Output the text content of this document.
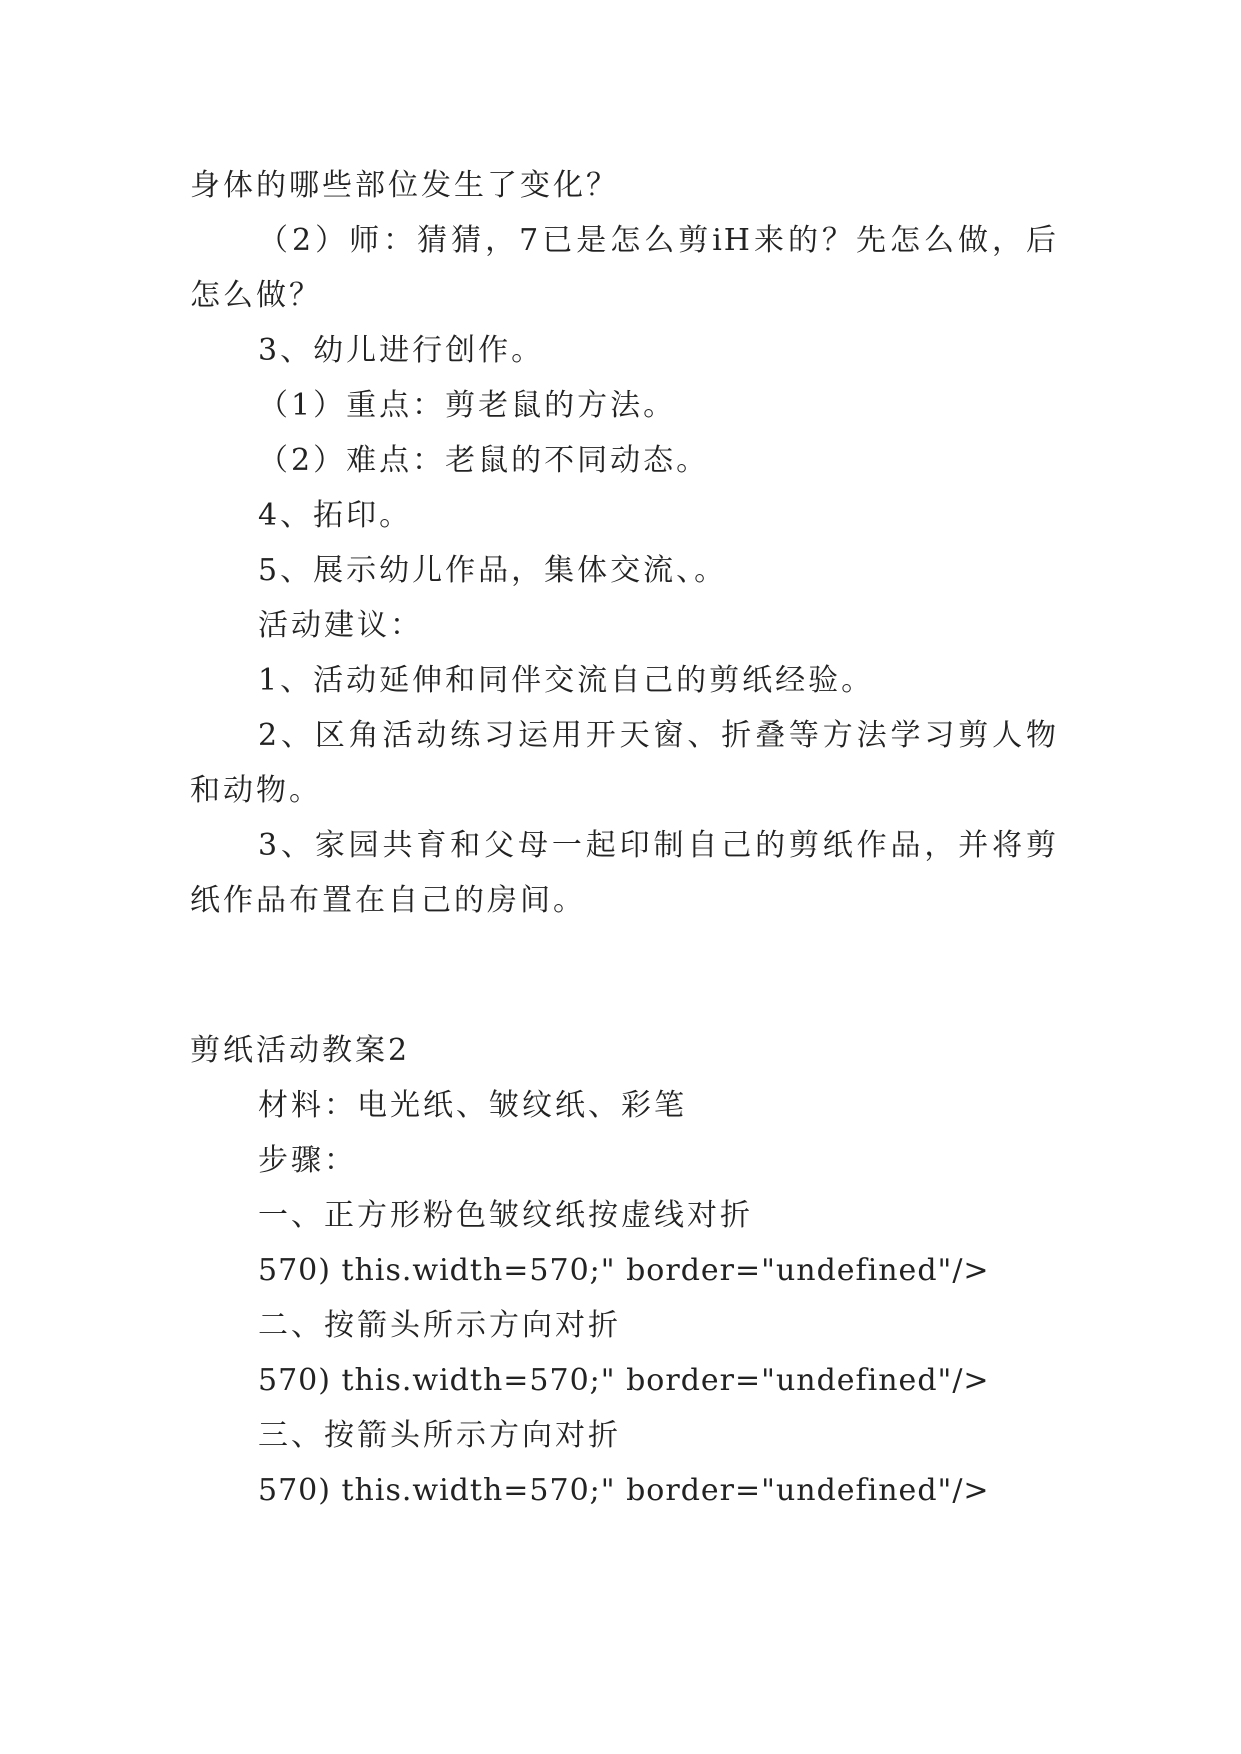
身体的哪些部位发生了变化？
（2）师：猜猜，7已是怎么剪iH来的？先怎么做，后
怎么做？
3、幼儿进行创作。
（1）重点：剪老鼠的方法。
（2）难点：老鼠的不同动态。
4、拓印。
5、展示幼儿作品，集体交流、。
活动建议：
1、活动延伸和同伴交流自己的剪纸经验。
2、区角活动练习运用开天窗、折叠等方法学习剪人物
和动物。
3、家园共育和父母一起印制自己的剪纸作品，并将剪
纸作品布置在自己的房间。
剪纸活动教案2
材料：电光纸、皱纹纸、彩笔
步骤：
一、正方形粉色皱纹纸按虚线对折
570) this.width=570;" border="undefined"/>
二、按箭头所示方向对折
570) this.width=570;" border="undefined"/>
三、按箭头所示方向对折
570) this.width=570;" border="undefined"/>
